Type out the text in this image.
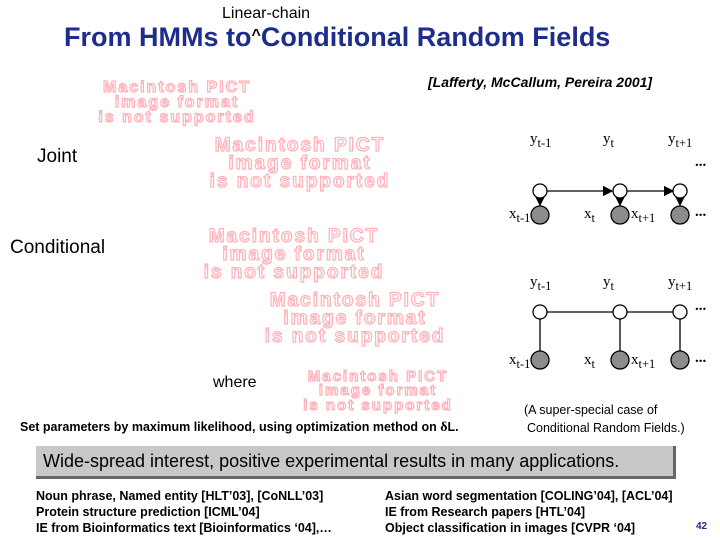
Linear-chain
From HMMs to^Conditional Random Fields
[Lafferty, McCallum, Pereira 2001]
Macintosh PICT
image format
is not supported
Macintosh PICT
image format
is not supported
Macintosh PICT
image format
is not supported
Macintosh PICT
image format
is not supported
Macintosh PICT
image format
is not supported
Joint
Conditional
where
$y_{t-1}$	$y_t$	$y_{t+1}$
...
$x_{t-1}$	$x_t$ $x_{t+1}$	...
$y_{t-1}$	$y_t$	$y_{t+1}$
...
$x_{t-1}$	$x_t$ $x_{t+1}$	...
Set parameters by maximum likelihood, using optimization method on δL.
(A super-special case of
Conditional Random Fields.)
Wide-spread interest, positive experimental results in many applications.
Noun phrase, Named entity [HLT’03], [CoNLL’03]
Protein structure prediction [ICML’04]
IE from Bioinformatics text [Bioinformatics ‘04],…
Asian word segmentation [COLING’04], [ACL’04]
IE from Research papers [HTL’04]
Object classification in images [CVPR ‘04]	42
